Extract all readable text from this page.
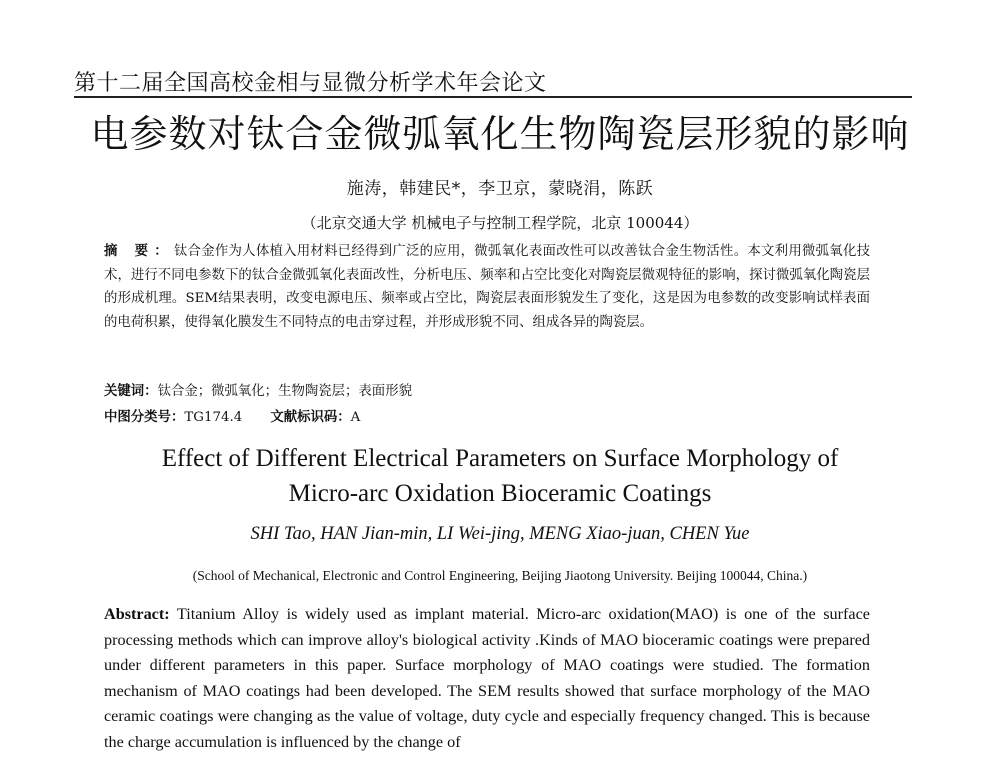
第十二届全国高校金相与显微分析学术年会论文
电参数对钛合金微弧氧化生物陶瓷层形貌的影响
施涛，韩建民*，李卫京，蒙晓涓，陈跃
（北京交通大学 机械电子与控制工程学院，北京 100044）
摘 要：钛合金作为人体植入用材料已经得到广泛的应用，微弧氧化表面改性可以改善钛合金生物活性。本文利用微弧氧化技术，进行不同电参数下的钛合金微弧氧化表面改性，分析电压、频率和占空比变化对陶瓷层微观特征的影响，探讨微弧氧化陶瓷层的形成机理。SEM结果表明，改变电源电压、频率或占空比，陶瓷层表面形貌发生了变化，这是因为电参数的改变影响试样表面的电荷积累，使得氧化膜发生不同特点的电击穿过程，并形成形貌不同、组成各异的陶瓷层。
关键词：钛合金；微弧氧化；生物陶瓷层；表面形貌
中图分类号：TG174.4 文献标识码：A
Effect of Different Electrical Parameters on Surface Morphology of
Micro-arc Oxidation Bioceramic Coatings
SHI Tao, HAN Jian-min, LI Wei-jing, MENG Xiao-juan, CHEN Yue
(School of Mechanical, Electronic and Control Engineering, Beijing Jiaotong University. Beijing 100044, China.)
Abstract: Titanium Alloy is widely used as implant material. Micro-arc oxidation(MAO) is one of the surface processing methods which can improve alloy's biological activity .Kinds of MAO bioceramic coatings were prepared under different parameters in this paper. Surface morphology of MAO coatings were studied. The formation mechanism of MAO coatings had been developed. The SEM results showed that surface morphology of the MAO ceramic coatings were changing as the value of voltage, duty cycle and especially frequency changed. This is because the charge accumulation is influenced by the change of
